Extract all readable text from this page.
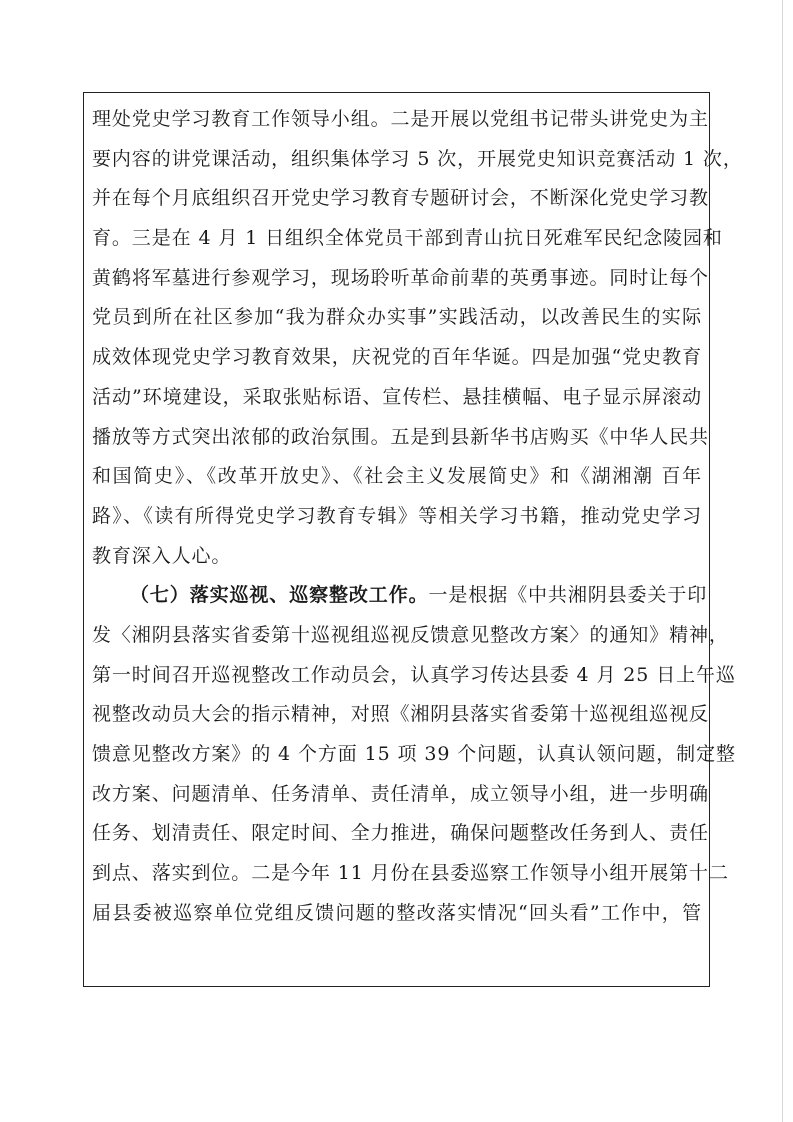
理处党史学习教育工作领导小组。二是开展以党组书记带头讲党史为主
要内容的讲党课活动，组织集体学习 5 次，开展党史知识竞赛活动 1 次，
并在每个月底组织召开党史学习教育专题研讨会，不断深化党史学习教
育。三是在 4 月 1 日组织全体党员干部到青山抗日死难军民纪念陵园和
黄鹤将军墓进行参观学习，现场聆听革命前辈的英勇事迹。同时让每个
党员到所在社区参加“我为群众办实事”实践活动，以改善民生的实际
成效体现党史学习教育效果，庆祝党的百年华诞。四是加强“党史教育
活动”环境建设，采取张贴标语、宣传栏、悬挂横幅、电子显示屏滚动
播放等方式突出浓郁的政治氛围。五是到县新华书店购买《中华人民共
和国简史》、《改革开放史》、《社会主义发展简史》和《湖湘潮 百年
路》、《读有所得党史学习教育专辑》等相关学习书籍，推动党史学习
教育深入人心。
（七）落实巡视、巡察整改工作。一是根据《中共湘阴县委关于印
发〈湘阴县落实省委第十巡视组巡视反馈意见整改方案〉的通知》精神，
第一时间召开巡视整改工作动员会，认真学习传达县委 4 月 25 日上午巡
视整改动员大会的指示精神，对照《湘阴县落实省委第十巡视组巡视反
馈意见整改方案》的 4 个方面 15 项 39 个问题，认真认领问题，制定整
改方案、问题清单、任务清单、责任清单，成立领导小组，进一步明确
任务、划清责任、限定时间、全力推进，确保问题整改任务到人、责任
到点、落实到位。二是今年 11 月份在县委巡察工作领导小组开展第十二
届县委被巡察单位党组反馈问题的整改落实情况“回头看”工作中，管
